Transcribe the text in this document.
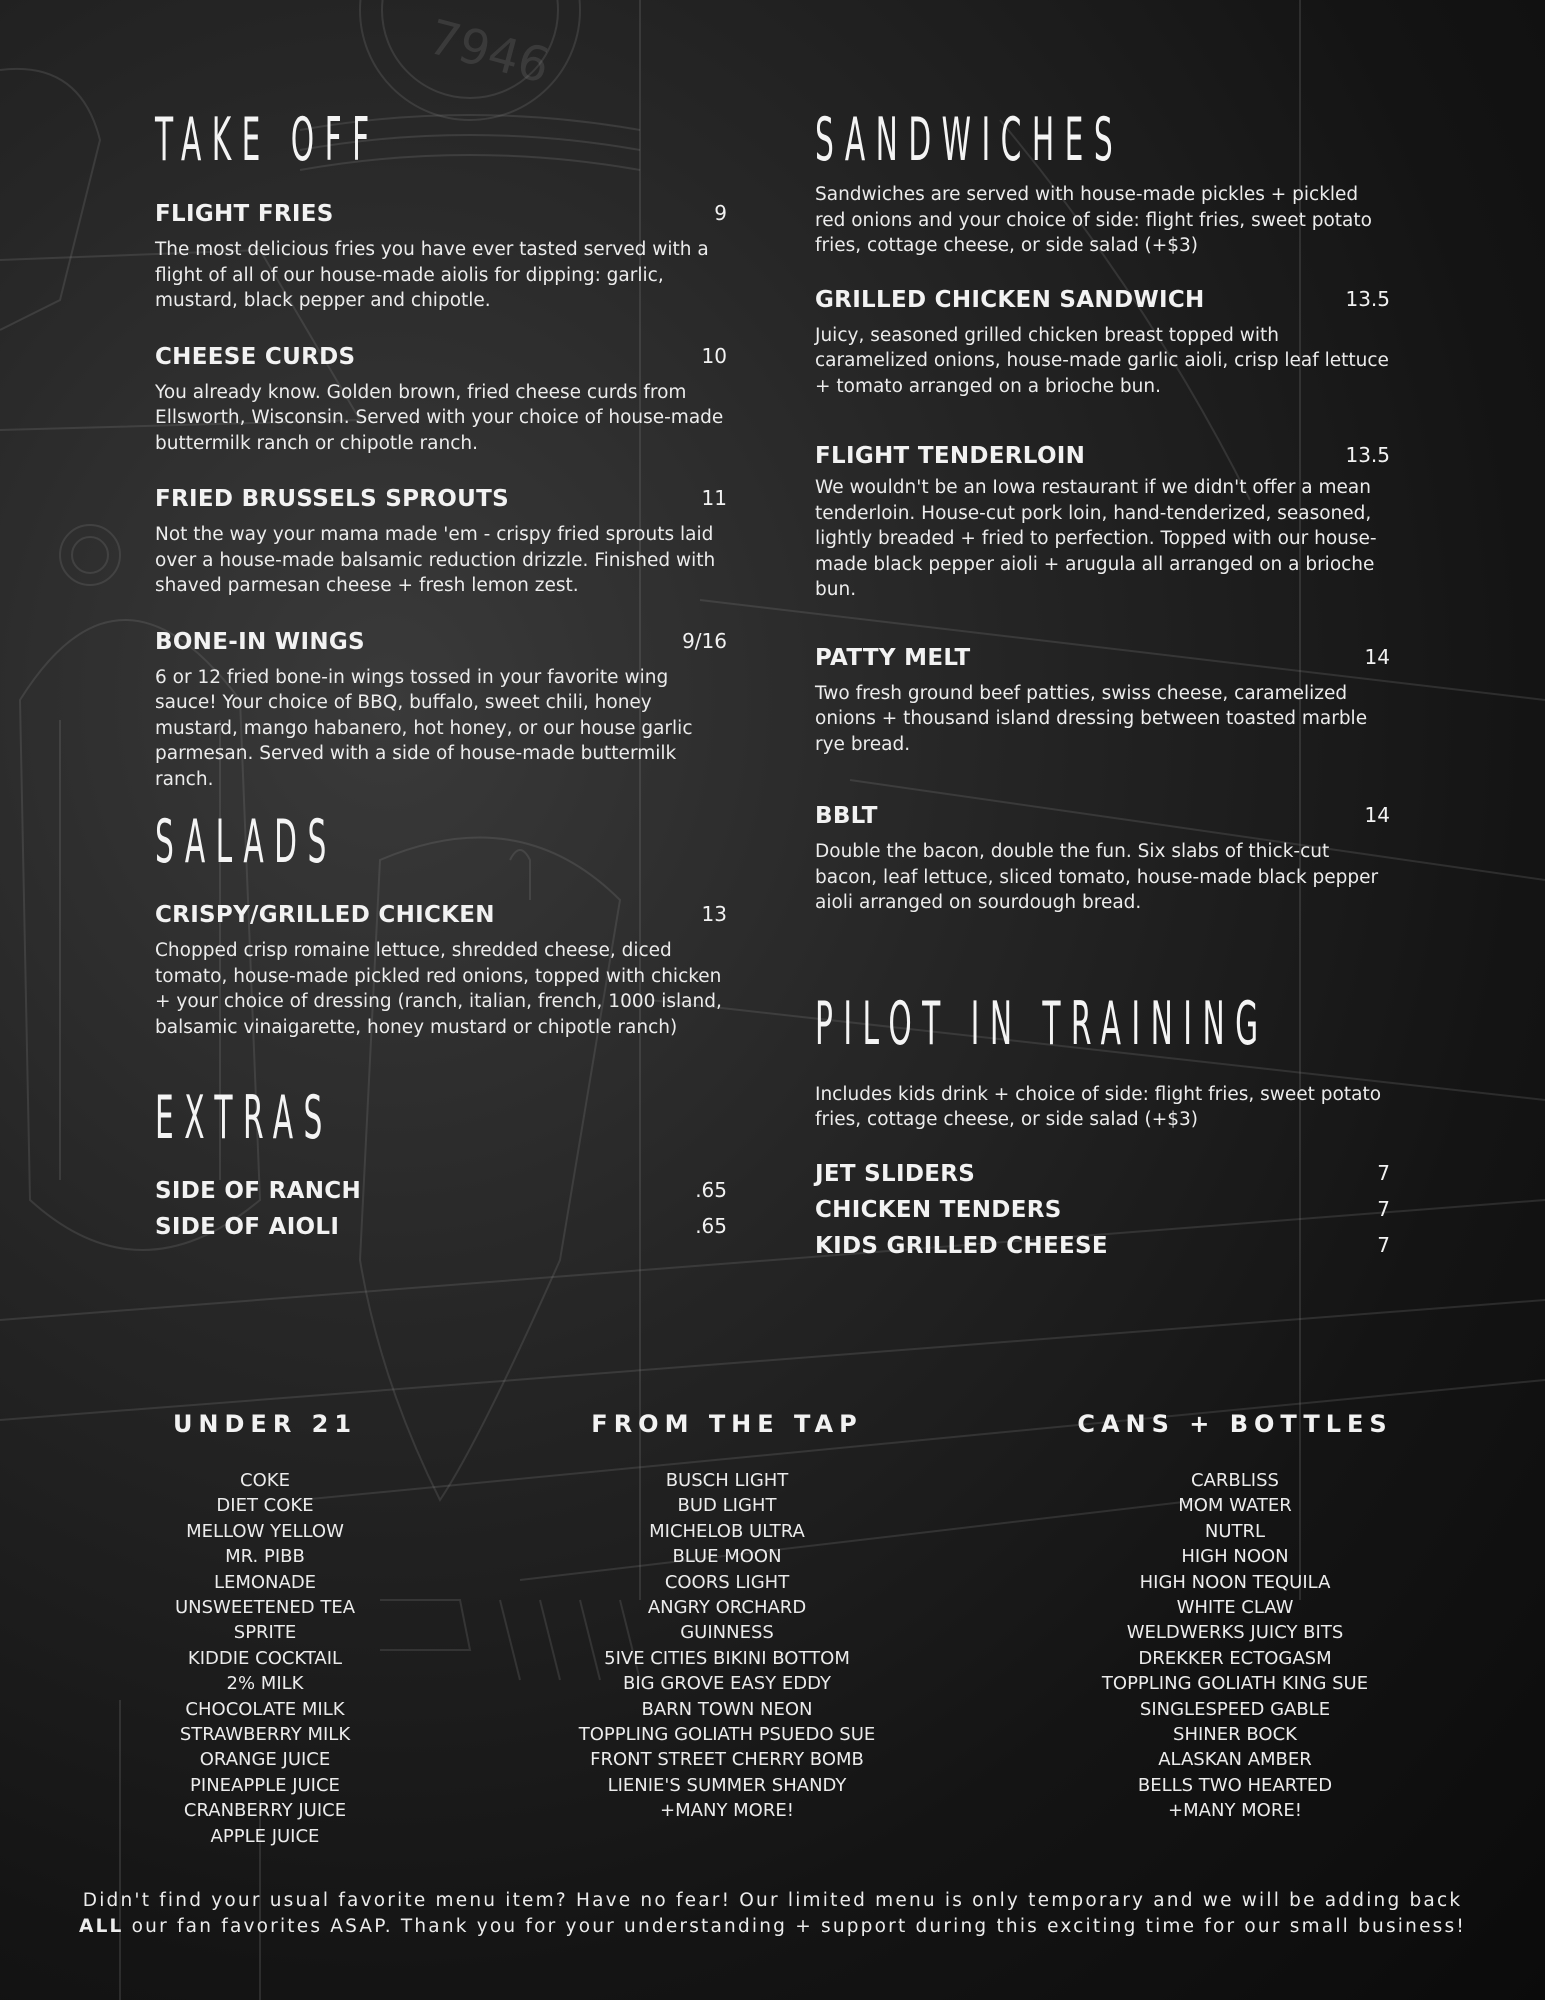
7946
TAKE OFF
FLIGHT FRIES	9
The most delicious fries you have ever tasted served with a flight of all of our house-made aiolis for dipping: garlic, mustard, black pepper and chipotle.
CHEESE CURDS	10
You already know. Golden brown, fried cheese curds from Ellsworth, Wisconsin. Served with your choice of house-made buttermilk ranch or chipotle ranch.
FRIED BRUSSELS SPROUTS	11
Not the way your mama made 'em - crispy fried sprouts laid over a house-made balsamic reduction drizzle. Finished with shaved parmesan cheese + fresh lemon zest.
BONE-IN WINGS	9/16
6 or 12 fried bone-in wings tossed in your favorite wing sauce! Your choice of BBQ, buffalo, sweet chili, honey mustard, mango habanero, hot honey, or our house garlic parmesan. Served with a side of house-made buttermilk ranch.
SALADS
CRISPY/GRILLED CHICKEN	13
Chopped crisp romaine lettuce, shredded cheese, diced tomato, house-made pickled red onions, topped with chicken + your choice of dressing (ranch, italian, french, 1000 island, balsamic vinaigarette, honey mustard or chipotle ranch)
EXTRAS
SIDE OF RANCH	.65
SIDE OF AIOLI	.65
SANDWICHES
Sandwiches are served with house-made pickles + pickled red onions and your choice of side: flight fries, sweet potato fries, cottage cheese, or side salad (+$3)
GRILLED CHICKEN SANDWICH	13.5
Juicy, seasoned grilled chicken breast topped with caramelized onions, house-made garlic aioli, crisp leaf lettuce + tomato arranged on a brioche bun.
FLIGHT TENDERLOIN	13.5
We wouldn't be an Iowa restaurant if we didn't offer a mean tenderloin. House-cut pork loin, hand-tenderized, seasoned, lightly breaded + fried to perfection. Topped with our house-made black pepper aioli + arugula all arranged on a brioche bun.
PATTY MELT	14
Two fresh ground beef patties, swiss cheese, caramelized onions + thousand island dressing between toasted marble rye bread.
BBLT	14
Double the bacon, double the fun. Six slabs of thick-cut bacon, leaf lettuce, sliced tomato, house-made black pepper aioli arranged on sourdough bread.
PILOT IN TRAINING
Includes kids drink + choice of side: flight fries, sweet potato fries, cottage cheese, or side salad (+$3)
JET SLIDERS	7
CHICKEN TENDERS	7
KIDS GRILLED CHEESE	7
UNDER 21
COKE
DIET COKE
MELLOW YELLOW
MR. PIBB
LEMONADE
UNSWEETENED TEA
SPRITE
KIDDIE COCKTAIL
2% MILK
CHOCOLATE MILK
STRAWBERRY MILK
ORANGE JUICE
PINEAPPLE JUICE
CRANBERRY JUICE
APPLE JUICE
FROM THE TAP
BUSCH LIGHT
BUD LIGHT
MICHELOB ULTRA
BLUE MOON
COORS LIGHT
ANGRY ORCHARD
GUINNESS
5IVE CITIES BIKINI BOTTOM
BIG GROVE EASY EDDY
BARN TOWN NEON
TOPPLING GOLIATH PSUEDO SUE
FRONT STREET CHERRY BOMB
LIENIE'S SUMMER SHANDY
+MANY MORE!
CANS + BOTTLES
CARBLISS
MOM WATER
NUTRL
HIGH NOON
HIGH NOON TEQUILA
WHITE CLAW
WELDWERKS JUICY BITS
DREKKER ECTOGASM
TOPPLING GOLIATH KING SUE
SINGLESPEED GABLE
SHINER BOCK
ALASKAN AMBER
BELLS TWO HEARTED
+MANY MORE!
Didn't find your usual favorite menu item? Have no fear! Our limited menu is only temporary and we will be adding back
ALL our fan favorites ASAP. Thank you for your understanding + support during this exciting time for our small business!
